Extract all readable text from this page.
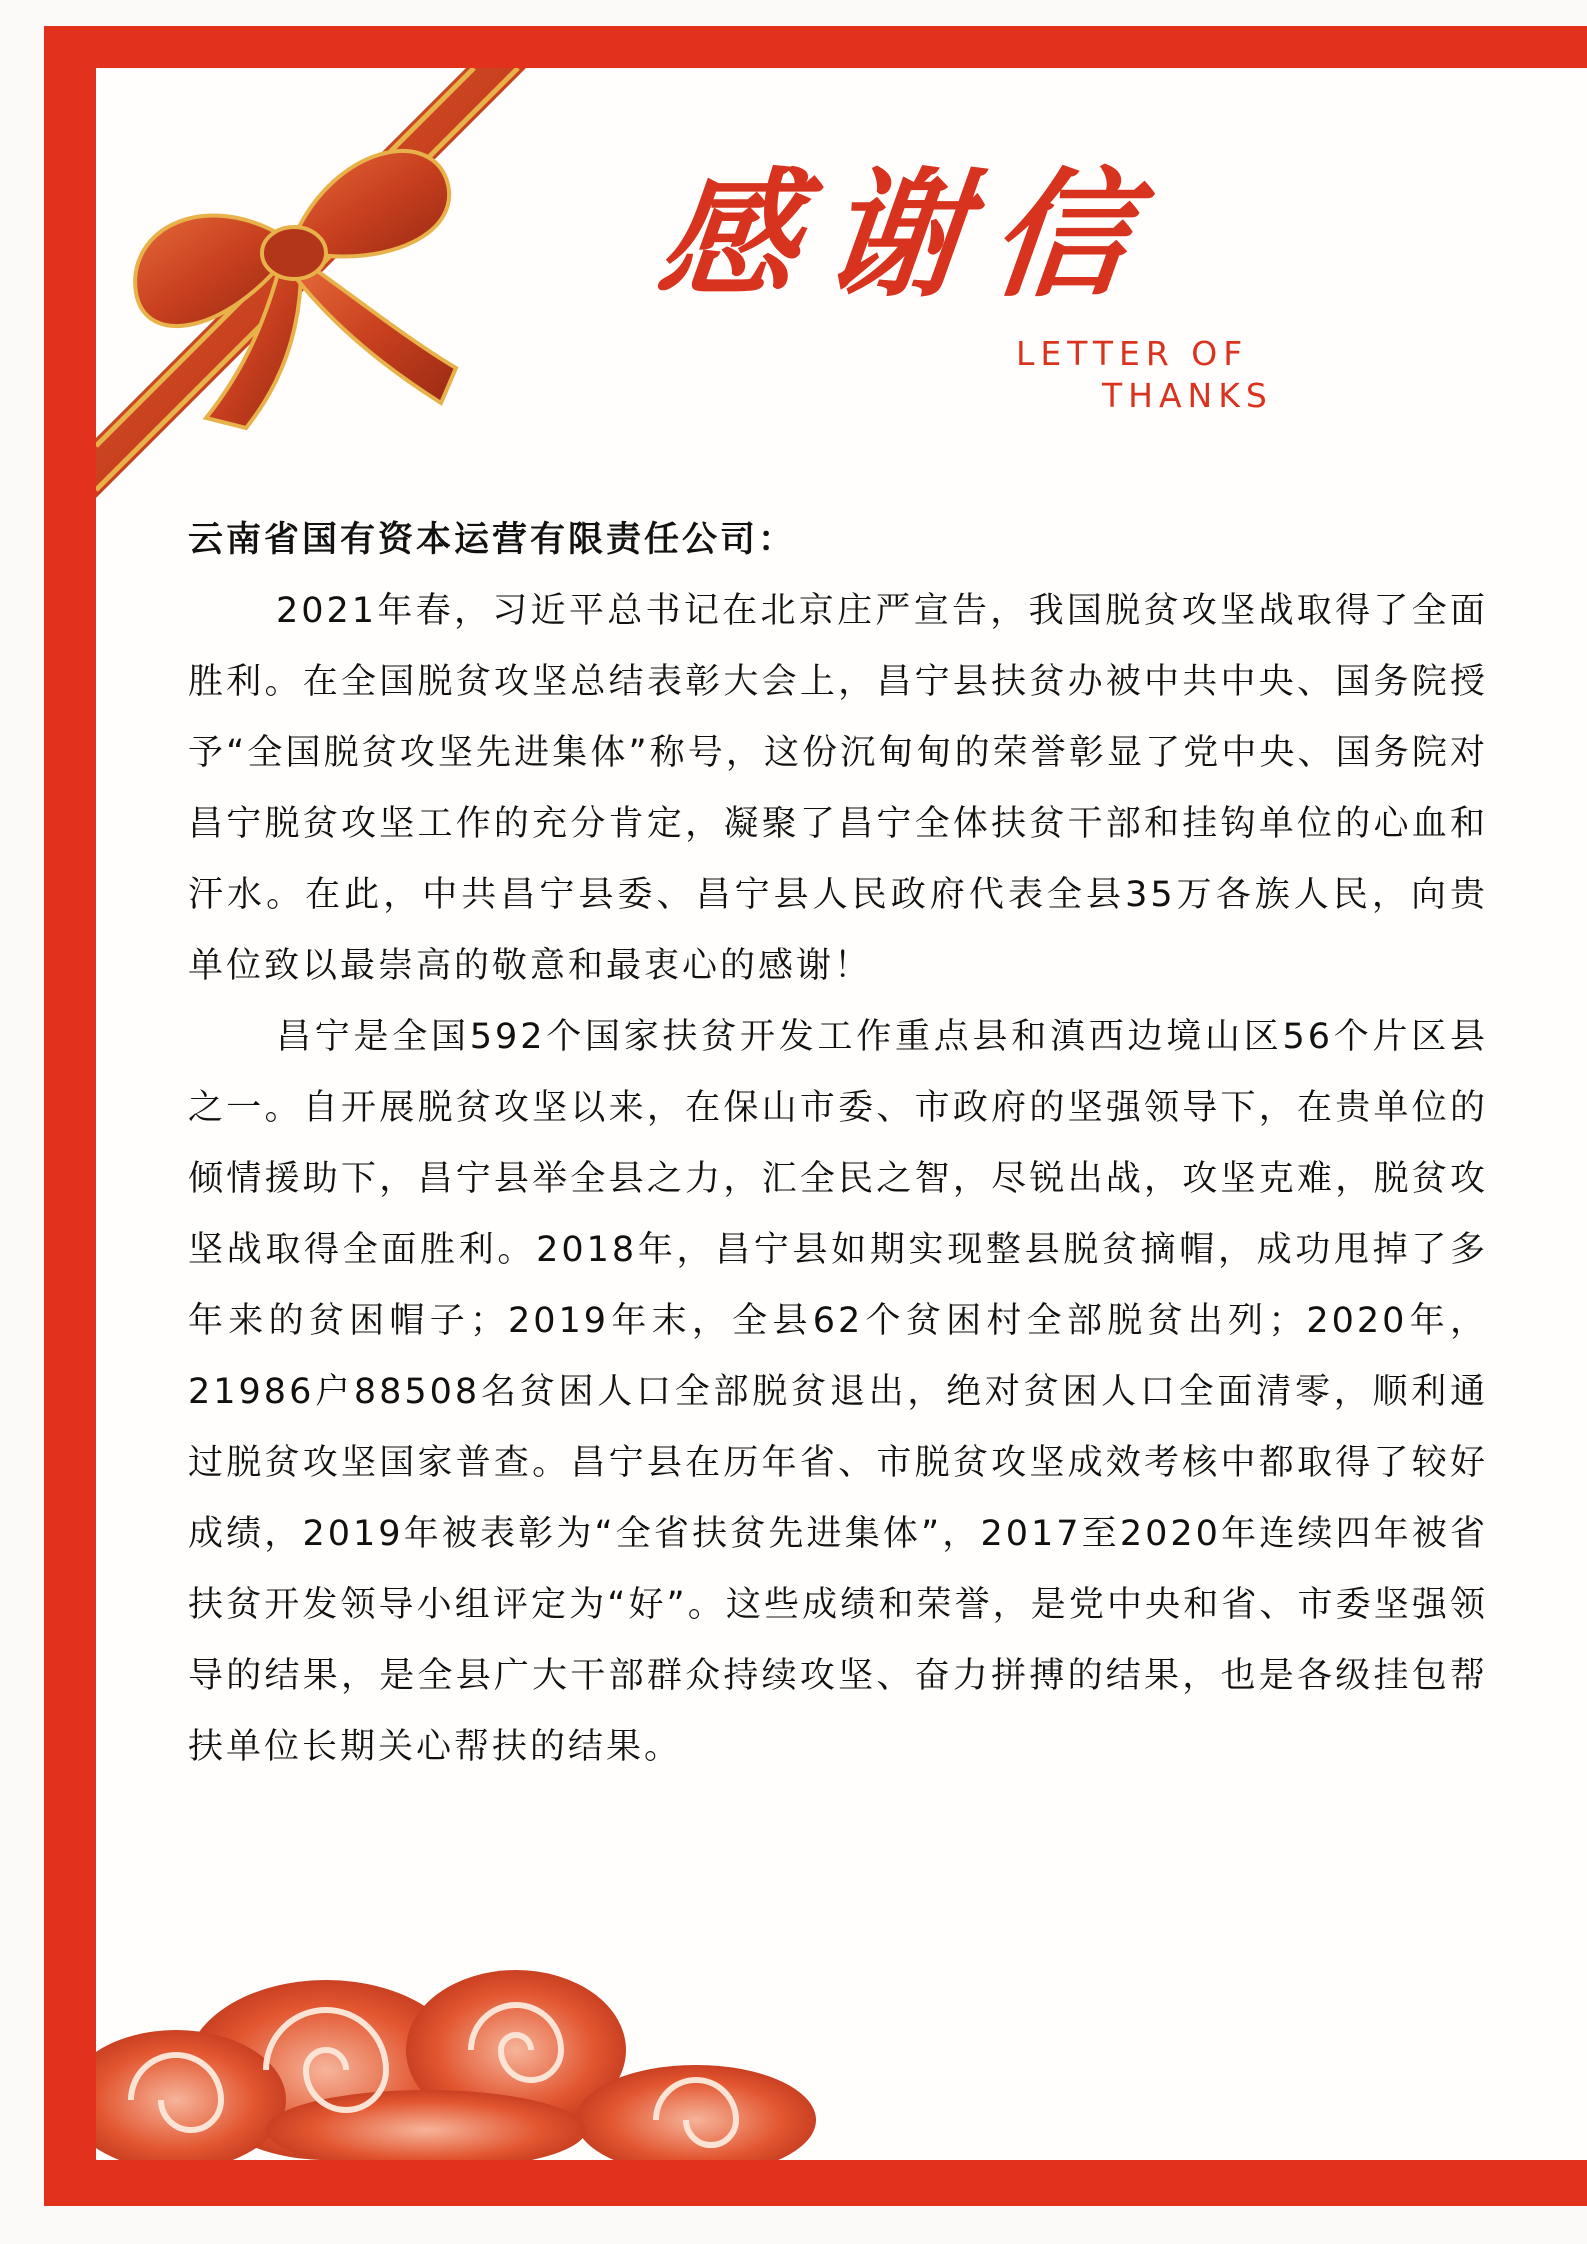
感谢信
LETTER OF
THANKS

云南省国有资本运营有限责任公司：

2021年春，习近平总书记在北京庄严宣告，我国脱贫攻坚战取得了全面胜利。在全国脱贫攻坚总结表彰大会上，昌宁县扶贫办被中共中央、国务院授予“全国脱贫攻坚先进集体”称号，这份沉甸甸的荣誉彰显了党中央、国务院对昌宁脱贫攻坚工作的充分肯定，凝聚了昌宁全体扶贫干部和挂钩单位的心血和汗水。在此，中共昌宁县委、昌宁县人民政府代表全县35万各族人民，向贵单位致以最崇高的敬意和最衷心的感谢！

昌宁是全国592个国家扶贫开发工作重点县和滇西边境山区56个片区县之一。自开展脱贫攻坚以来，在保山市委、市政府的坚强领导下，在贵单位的倾情援助下，昌宁县举全县之力，汇全民之智，尽锐出战，攻坚克难，脱贫攻坚战取得全面胜利。2018年，昌宁县如期实现整县脱贫摘帽，成功甩掉了多年来的贫困帽子；2019年末，全县62个贫困村全部脱贫出列；2020年，21986户88508名贫困人口全部脱贫退出，绝对贫困人口全面清零，顺利通过脱贫攻坚国家普查。昌宁县在历年省、市脱贫攻坚成效考核中都取得了较好成绩，2019年被表彰为“全省扶贫先进集体”，2017至2020年连续四年被省扶贫开发领导小组评定为“好”。这些成绩和荣誉，是党中央和省、市委坚强领导的结果，是全县广大干部群众持续攻坚、奋力拼搏的结果，也是各级挂包帮扶单位长期关心帮扶的结果。
